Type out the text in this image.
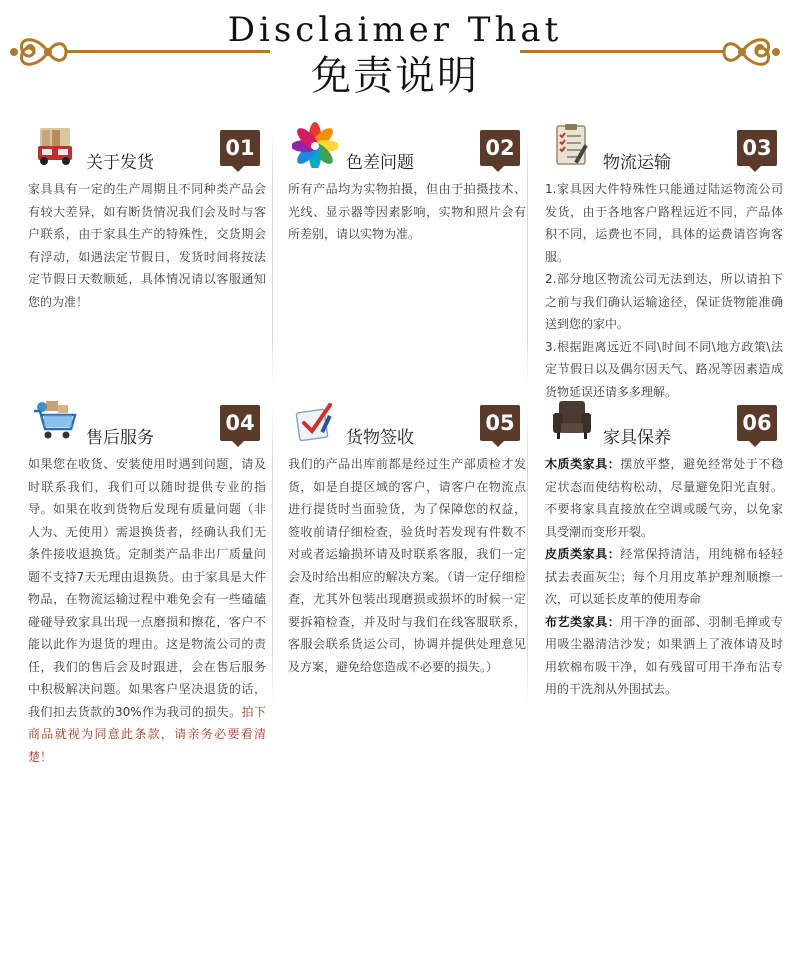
Disclaimer That
免责说明
关于发货
01

家具具有一定的生产周期且不同种类产品会有较大差异，如有断货情况我们会及时与客户联系，由于家具生产的特殊性，交货期会有浮动，如遇法定节假日，发货时间将按法定节假日天数顺延，具体情况请以客服通知您的为准！

色差问题
02

所有产品均为实物拍摄，但由于拍摄技术、光线、显示器等因素影响，实物和照片会有所差别，请以实物为准。

物流运输
03

1.家具因大件特殊性只能通过陆运物流公司发货，由于各地客户路程远近不同，产品体积不同，运费也不同，具体的运费请咨询客服。

2.部分地区物流公司无法到达，所以请拍下之前与我们确认运输途径，保证货物能准确送到您的家中。

3.根据距离远近不同\时间不同\地方政策\法定节假日以及偶尔因天气、路况等因素造成货物延误还请多多理解。

售后服务
04

如果您在收货、安装使用时遇到问题，请及时联系我们，我们可以随时提供专业的指导。如果在收到货物后发现有质量问题（非人为、无使用）需退换货者，经确认我们无条件接收退换货。定制类产品非出厂质量问题不支持7天无理由退换货。由于家具是大件物品，在物流运输过程中难免会有一些磕磕碰碰导致家具出现一点磨损和擦花，客户不能以此作为退货的理由。这是物流公司的责任，我们的售后会及时跟进，会在售后服务中积极解决问题。如果客户坚决退货的话，我们扣去货款的30%作为我司的损失。拍下商品就视为同意此条款，请亲务必要看清楚！

货物签收
05

我们的产品出库前都是经过生产部质检才发货，如是自提区域的客户，请客户在物流点进行提货时当面验货，为了保障您的权益，签收前请仔细检查，验货时若发现有件数不对或者运输损坏请及时联系客服，我们一定会及时给出相应的解决方案。（请一定仔细检查，尤其外包装出现磨损或损坏的时候一定要拆箱检查，并及时与我们在线客服联系，客服会联系货运公司，协调并提供处理意见及方案，避免给您造成不必要的损失。）

家具保养
06

木质类家具：摆放平整，避免经常处于不稳定状态而使结构松动，尽量避免阳光直射。不要将家具直接放在空调或暖气旁，以免家具受潮而变形开裂。

皮质类家具：经常保持清洁，用纯棉布轻轻拭去表面灰尘；每个月用皮革护理剂顺擦一次，可以延长皮革的使用寿命

布艺类家具：用干净的面部、羽制毛掸或专用吸尘器清洁沙发；如果洒上了液体请及时用软棉布吸干净，如有残留可用干净布沾专用的干洗剂从外围拭去。
